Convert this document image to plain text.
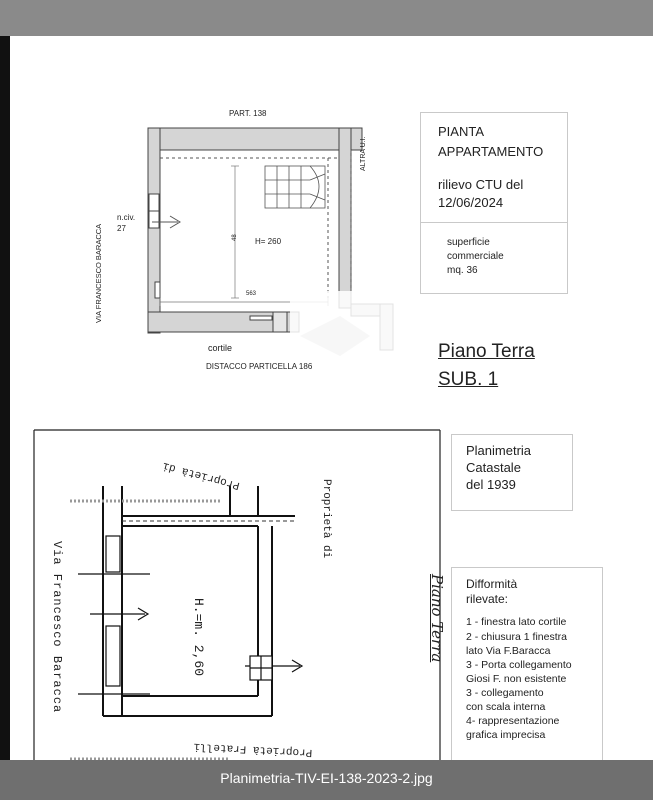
PART. 138
ALTRA U.I.
VIA FRANCESCO BARACCA
n.civ.
27
H= 260
48
563
cortile
DISTACCO PARTICELLA 186
PIANTA
APPARTAMENTO
rilievo CTU del
12/06/2024
superficie
commerciale
mq. 36
Piano Terra
SUB. 1
Via Francesco Baracca
Proprietà di
Proprietà di
Proprietà Fratelli
H.=m. 2,60	Piano Terra
Planimetria
Catastale
del 1939
Difformità
rilevate:
1 - finestra lato cortile
2 - chiusura 1 finestra
lato Via F.Baracca
3 - Porta collegamento
Giosi F. non esistente
3 - collegamento
con scala interna
4- rappresentazione
grafica imprecisa
Planimetria-TIV-EI-138-2023-2.jpg
